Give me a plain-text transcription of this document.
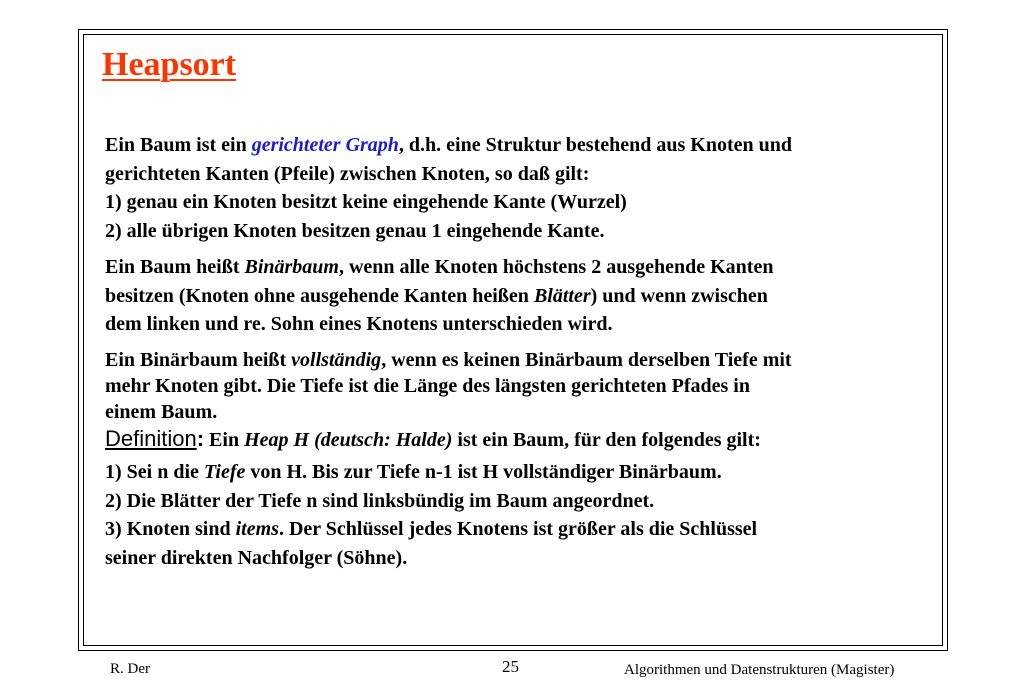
Heapsort

Ein Baum ist ein gerichteter Graph, d.h. eine Struktur bestehend aus Knoten und

gerichteten Kanten (Pfeile) zwischen Knoten, so daß gilt:

1) genau ein Knoten besitzt keine eingehende Kante (Wurzel)

2) alle übrigen Knoten besitzen genau 1 eingehende Kante.

Ein Baum heißt Binärbaum, wenn alle Knoten höchstens 2 ausgehende Kanten

besitzen (Knoten ohne ausgehende Kanten heißen Blätter) und wenn zwischen

dem linken und re. Sohn eines Knotens unterschieden wird.

Ein Binärbaum heißt vollständig, wenn es keinen Binärbaum derselben Tiefe mit

mehr Knoten gibt. Die Tiefe ist die Länge des längsten gerichteten Pfades in

einem Baum.

Definition: Ein Heap H (deutsch: Halde) ist ein Baum, für den folgendes gilt:

1) Sei n die Tiefe von H. Bis zur Tiefe n-1 ist H vollständiger Binärbaum.

2) Die Blätter der Tiefe n sind linksbündig im Baum angeordnet.

3) Knoten sind items. Der Schlüssel jedes Knotens ist größer als die Schlüssel

seiner direkten Nachfolger (Söhne).

R. Der	25	Algorithmen und Datenstrukturen (Magister)
